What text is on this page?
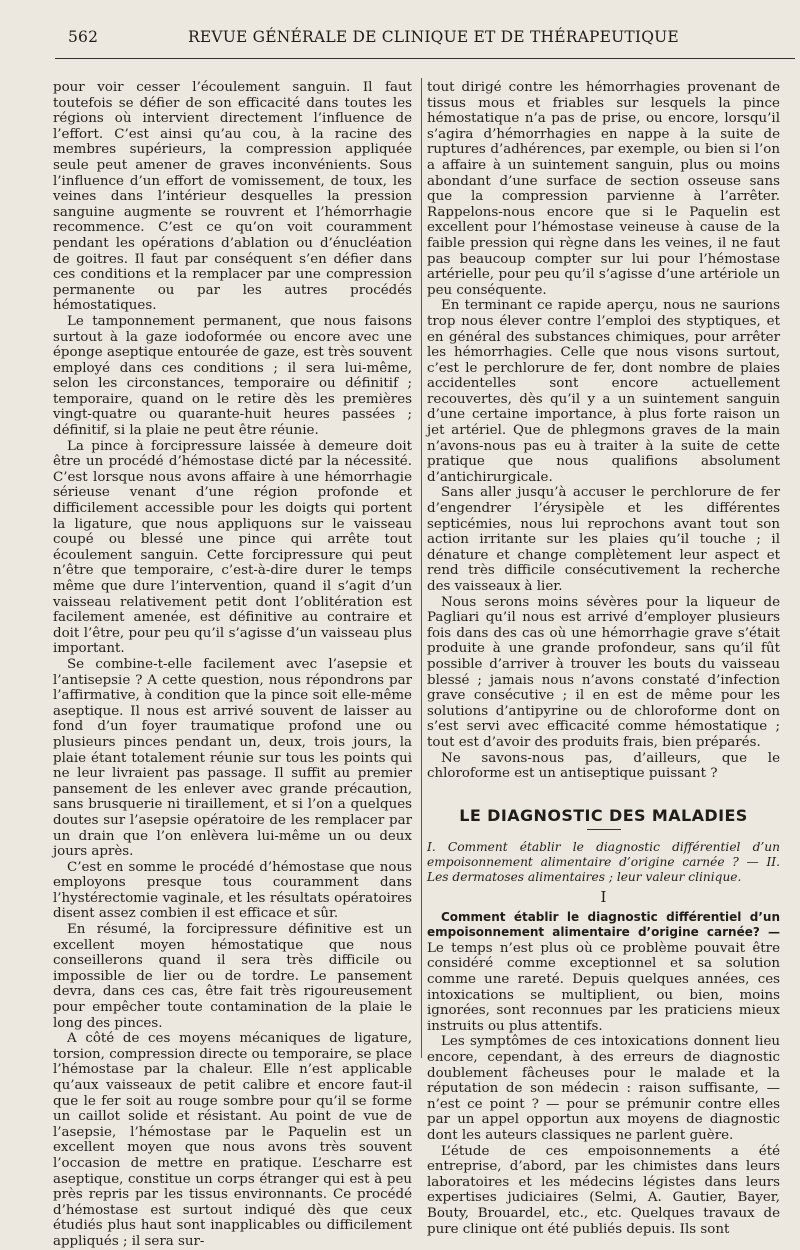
562	REVUE GÉNÉRALE DE CLINIQUE ET DE THÉRAPEUTIQUE

pour voir cesser l’écoulement sanguin. Il faut toutefois se défier de son efficacité dans toutes les régions où intervient directement l’influence de l’effort. C’est ainsi qu’au cou, à la racine des membres supérieurs, la compression appliquée seule peut amener de graves inconvénients. Sous l’influence d’un effort de vomissement, de toux, les veines dans l’intérieur desquelles la pression sanguine augmente se rouvrent et l’hémorrhagie recommence. C’est ce qu’on voit couramment pendant les opérations d’ablation ou d’énucléation de goitres. Il faut par conséquent s’en défier dans ces conditions et la remplacer par une compression permanente ou par les autres procédés hémostatiques.

Le tamponnement permanent, que nous faisons surtout à la gaze iodoformée ou encore avec une éponge aseptique entourée de gaze, est très souvent employé dans ces conditions ; il sera lui-même, selon les circonstances, temporaire ou définitif ; temporaire, quand on le retire dès les premières vingt-quatre ou quarante-huit heures passées ; définitif, si la plaie ne peut être réunie.

La pince à forcipressure laissée à demeure doit être un procédé d’hémostase dicté par la nécessité. C’est lorsque nous avons affaire à une hémorrhagie sérieuse venant d’une région profonde et difficilement accessible pour les doigts qui portent la ligature, que nous appliquons sur le vaisseau coupé ou blessé une pince qui arrête tout écoulement sanguin. Cette forcipressure qui peut n’être que temporaire, c’est-à-dire durer le temps même que dure l’intervention, quand il s’agit d’un vaisseau relativement petit dont l’oblitération est facilement amenée, est définitive au contraire et doit l’être, pour peu qu’il s’agisse d’un vaisseau plus important.

Se combine-t-elle facilement avec l’asepsie et l’antisepsie ? A cette question, nous répondrons par l’affirmative, à condition que la pince soit elle-même aseptique. Il nous est arrivé souvent de laisser au fond d’un foyer traumatique profond une ou plusieurs pinces pendant un, deux, trois jours, la plaie étant totalement réunie sur tous les points qui ne leur livraient pas passage. Il suffit au premier pansement de les enlever avec grande précaution, sans brusquerie ni tiraillement, et si l’on a quelques doutes sur l’asepsie opératoire de les remplacer par un drain que l’on enlèvera lui-même un ou deux jours après.

C’est en somme le procédé d’hémostase que nous employons presque tous couramment dans l’hystérectomie vaginale, et les résultats opératoires disent assez combien il est efficace et sûr.

En résumé, la forcipressure définitive est un excellent moyen hémostatique que nous conseillerons quand il sera très difficile ou impossible de lier ou de tordre. Le pansement devra, dans ces cas, être fait très rigoureusement pour empêcher toute contamination de la plaie le long des pinces.

A côté de ces moyens mécaniques de ligature, torsion, compression directe ou temporaire, se place l’hémostase par la chaleur. Elle n’est applicable qu’aux vaisseaux de petit calibre et encore faut-il que le fer soit au rouge sombre pour qu’il se forme un caillot solide et résistant. Au point de vue de l’asepsie, l’hémostase par le Paquelin est un excellent moyen que nous avons très souvent l’occasion de mettre en pratique. L’escharre est aseptique, constitue un corps étranger qui est à peu près repris par les tissus environnants. Ce procédé d’hémostase est surtout indiqué dès que ceux étudiés plus haut sont inapplicables ou difficilement appliqués ; il sera sur-

tout dirigé contre les hémorrhagies provenant de tissus mous et friables sur lesquels la pince hémostatique n’a pas de prise, ou encore, lorsqu’il s’agira d’hémorrhagies en nappe à la suite de ruptures d’adhérences, par exemple, ou bien si l’on a affaire à un suintement sanguin, plus ou moins abondant d’une surface de section osseuse sans que la compression parvienne à l’arrêter. Rappelons-nous encore que si le Paquelin est excellent pour l’hémostase veineuse à cause de la faible pression qui règne dans les veines, il ne faut pas beaucoup compter sur lui pour l’hémostase artérielle, pour peu qu’il s’agisse d’une artériole un peu conséquente.

En terminant ce rapide aperçu, nous ne saurions trop nous élever contre l’emploi des styptiques, et en général des substances chimiques, pour arrêter les hémorrhagies. Celle que nous visons surtout, c’est le perchlorure de fer, dont nombre de plaies accidentelles sont encore actuellement recouvertes, dès qu’il y a un suintement sanguin d’une certaine importance, à plus forte raison un jet artériel. Que de phlegmons graves de la main n’avons-nous pas eu à traiter à la suite de cette pratique que nous qualifions absolument d’antichirurgicale.

Sans aller jusqu’à accuser le perchlorure de fer d’engendrer l’érysipèle et les différentes septicémies, nous lui reprochons avant tout son action irritante sur les plaies qu’il touche ; il dénature et change complètement leur aspect et rend très difficile consécutivement la recherche des vaisseaux à lier.

Nous serons moins sévères pour la liqueur de Pagliari qu’il nous est arrivé d’employer plusieurs fois dans des cas où une hémorrhagie grave s’était produite à une grande profondeur, sans qu’il fût possible d’arriver à trouver les bouts du vaisseau blessé ; jamais nous n’avons constaté d’infection grave consécutive ; il en est de même pour les solutions d’antipyrine ou de chloroforme dont on s’est servi avec efficacité comme hémostatique ; tout est d’avoir des produits frais, bien préparés.

Ne savons-nous pas, d’ailleurs, que le chloroforme est un antiseptique puissant ?

LE DIAGNOSTIC DES MALADIES

I. Comment établir le diagnostic différentiel d’un empoisonnement alimentaire d’origine carnée ? — II. Les dermatoses alimentaires ; leur valeur clinique.

I

Comment établir le diagnostic différentiel d’un empoisonnement alimentaire d’origine carnée? — Le temps n’est plus où ce problème pouvait être considéré comme exceptionnel et sa solution comme une rareté. Depuis quelques années, ces intoxications se multiplient, ou bien, moins ignorées, sont reconnues par les praticiens mieux instruits ou plus attentifs.

Les symptômes de ces intoxications donnent lieu encore, cependant, à des erreurs de diagnostic doublement fâcheuses pour le malade et la réputation de son médecin : raison suffisante, — n’est ce point ? — pour se prémunir contre elles par un appel opportun aux moyens de diagnostic dont les auteurs classiques ne parlent guère.

L’étude de ces empoisonnements a été entreprise, d’abord, par les chimistes dans leurs laboratoires et les médecins légistes dans leurs expertises judiciaires (Selmi, A. Gautier, Bayer, Bouty, Brouardel, etc., etc. Quelques travaux de pure clinique ont été publiés depuis. Ils sont
